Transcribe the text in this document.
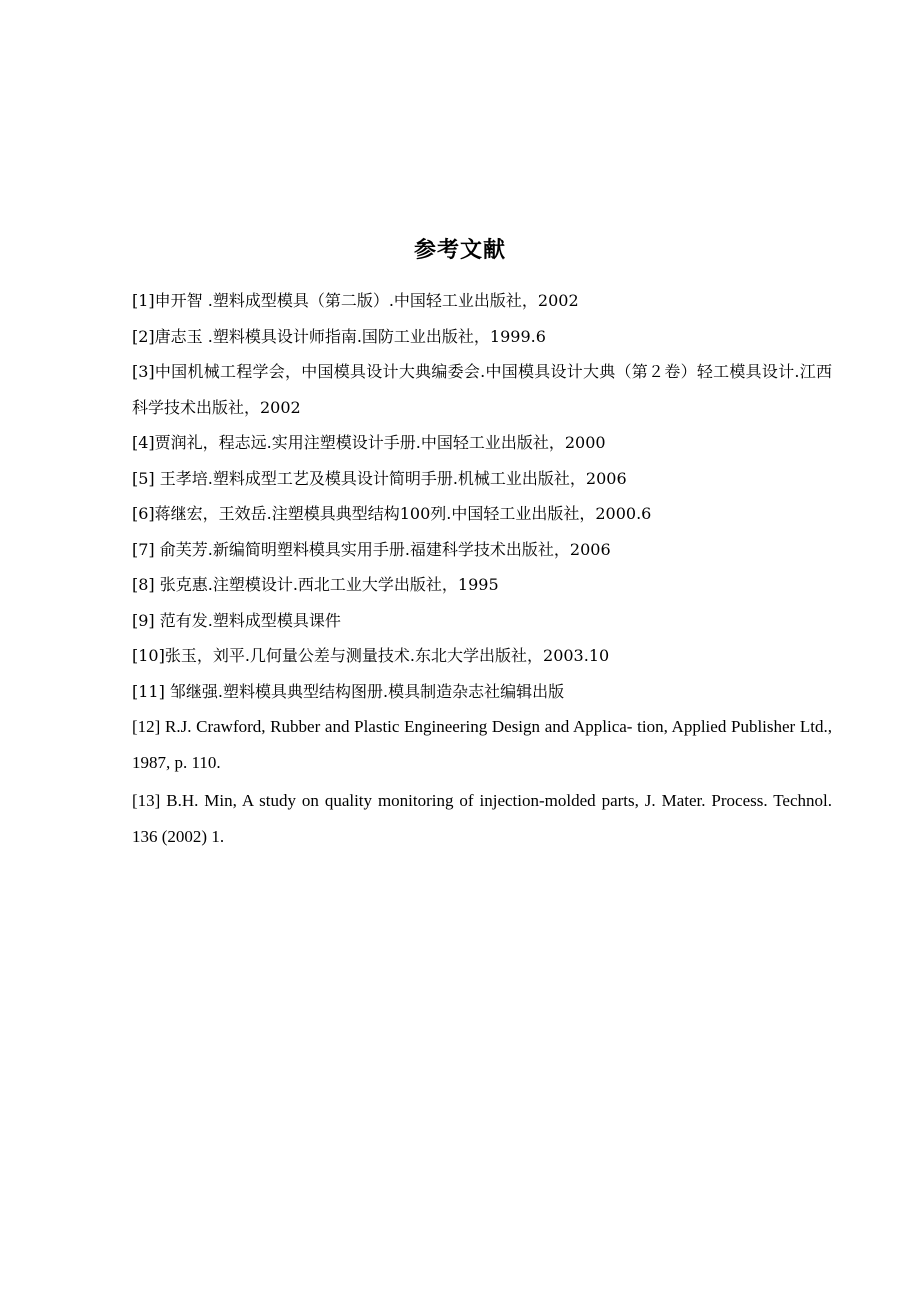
参考文献
[1]申开智 .塑料成型模具（第二版）.中国轻工业出版社，2002
[2]唐志玉 .塑料模具设计师指南.国防工业出版社，1999.6
[3]中国机械工程学会，中国模具设计大典编委会.中国模具设计大典（第２卷）轻工模具设计.江西科学技术出版社，2002
[4]贾润礼，程志远.实用注塑模设计手册.中国轻工业出版社，2000
[5] 王孝培.塑料成型工艺及模具设计简明手册.机械工业出版社，2006
[6]蒋继宏，王效岳.注塑模具典型结构100列.中国轻工业出版社，2000.6
[7] 俞芙芳.新编简明塑料模具实用手册.福建科学技术出版社，2006
[8] 张克惠.注塑模设计.西北工业大学出版社，1995
[9] 范有发.塑料成型模具课件
[10]张玉，刘平.几何量公差与测量技术.东北大学出版社，2003.10
[11] 邹继强.塑料模具典型结构图册.模具制造杂志社编辑出版
[12] R.J. Crawford, Rubber and Plastic Engineering Design and Applica- tion, Applied Publisher Ltd., 1987, p. 110.
[13] B.H. Min, A study on quality monitoring of injection-molded parts, J. Mater. Process. Technol. 136 (2002) 1.
